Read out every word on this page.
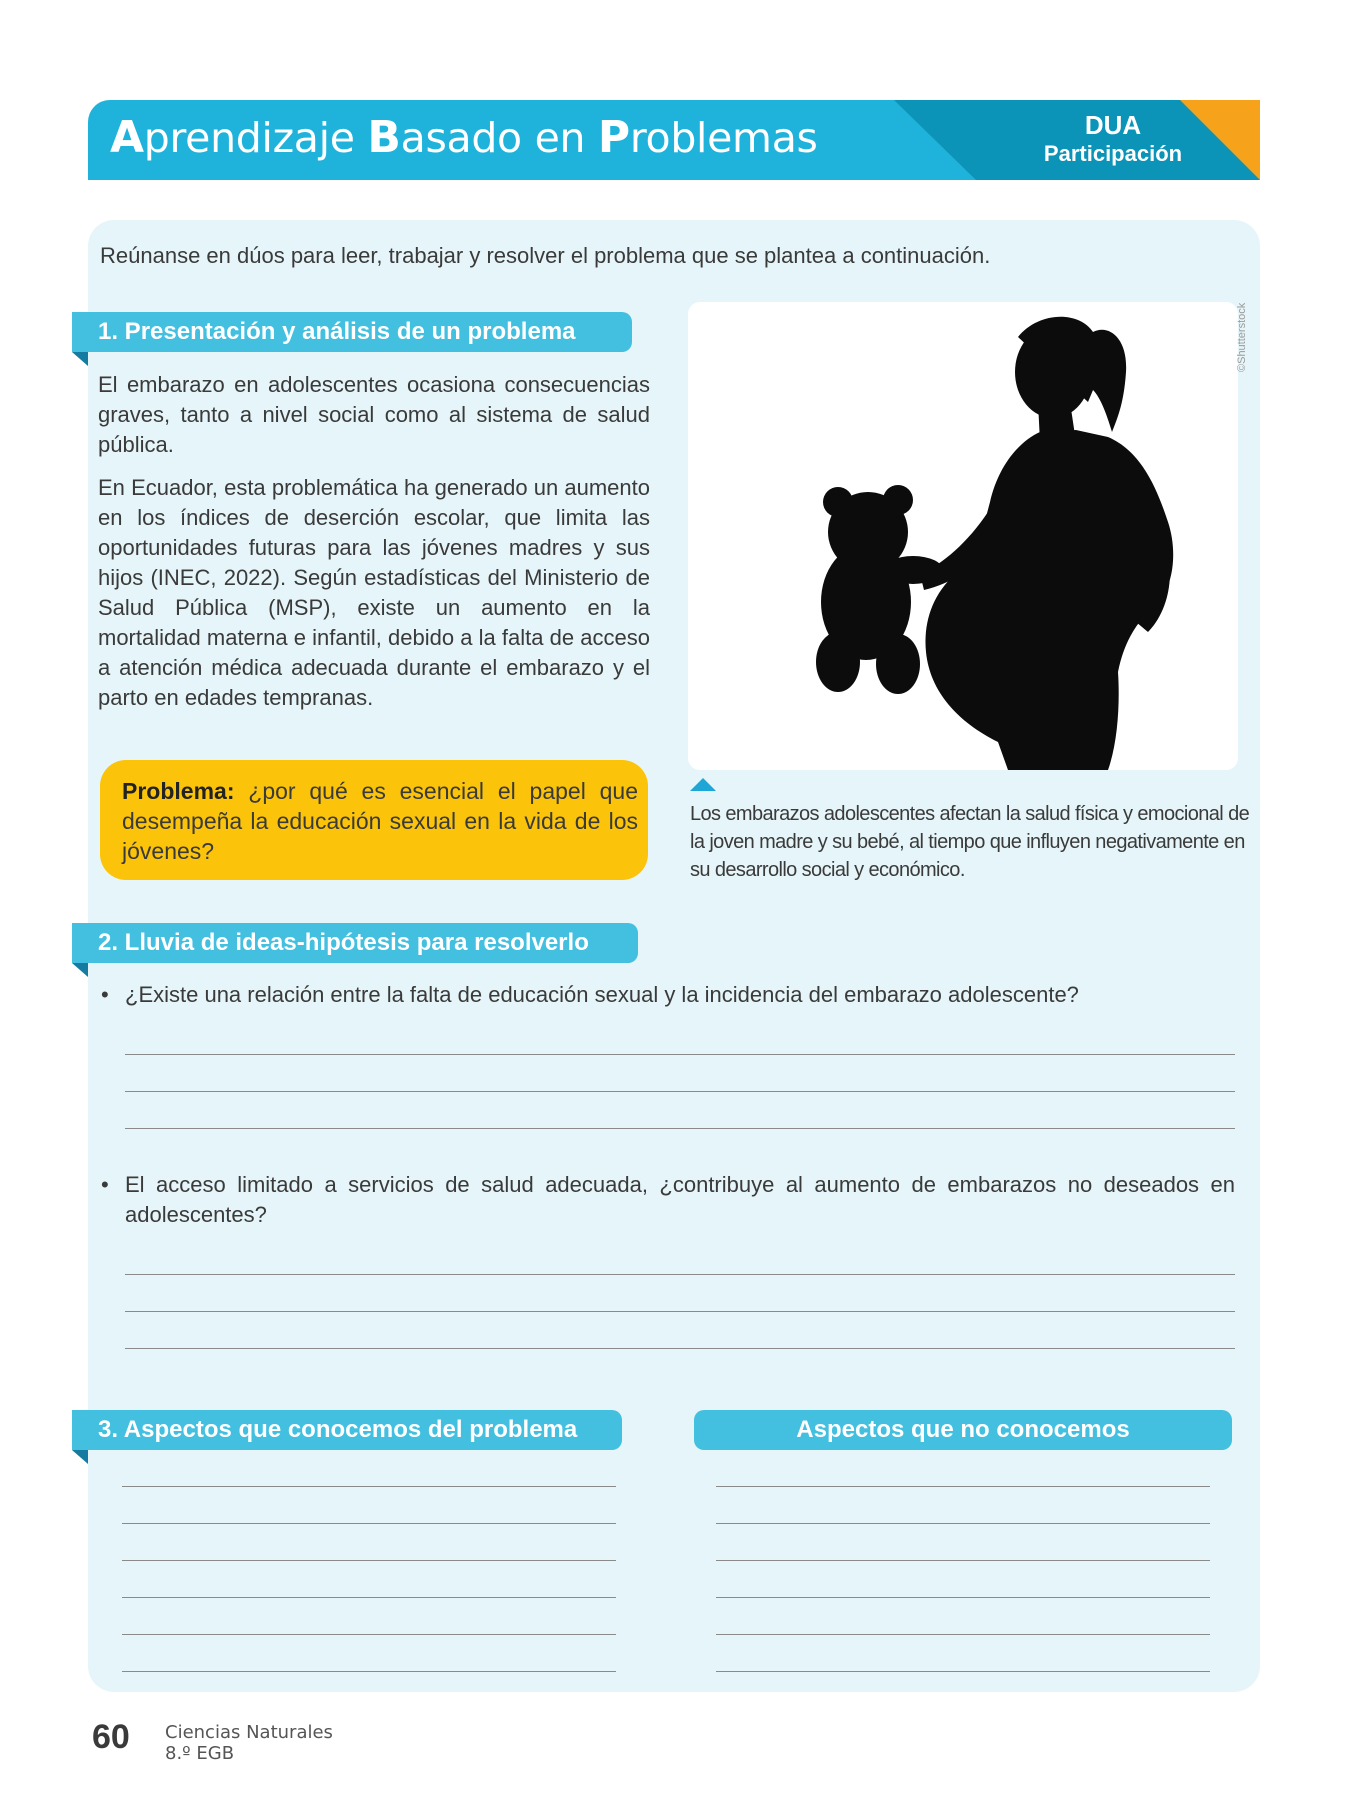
Aprendizaje Basado en Problemas	DUA
Participación
Reúnanse en dúos para leer, trabajar y resolver el problema que se plantea a continuación.
1. Presentación y análisis de un problema
El embarazo en adolescentes ocasiona consecuencias graves, tanto a nivel social como al sistema de salud pública.
En Ecuador, esta problemática ha generado un aumento en los índices de deserción escolar, que limita las oportunidades futuras para las jóvenes madres y sus hijos (INEC, 2022). Según estadísticas del Ministerio de Salud Pública (MSP), existe un aumento en la mortalidad materna e infantil, debido a la falta de acceso a atención médica adecuada durante el embarazo y el parto en edades tempranas.
Problema: ¿por qué es esencial el papel que desempeña la educación sexual en la vida de los jóvenes?
©Shutterstock
Los embarazos adolescentes afectan la salud física y emocional de la joven madre y su bebé, al tiempo que influyen negativamente en su desarrollo social y económico.
2. Lluvia de ideas-hipótesis para resolverlo
• ¿Existe una relación entre la falta de educación sexual y la incidencia del embarazo adolescente?
• El acceso limitado a servicios de salud adecuada, ¿contribuye al aumento de embarazos no deseados en adolescentes?
3. Aspectos que conocemos del problema	Aspectos que no conocemos
60 Ciencias Naturales
8.º EGB
